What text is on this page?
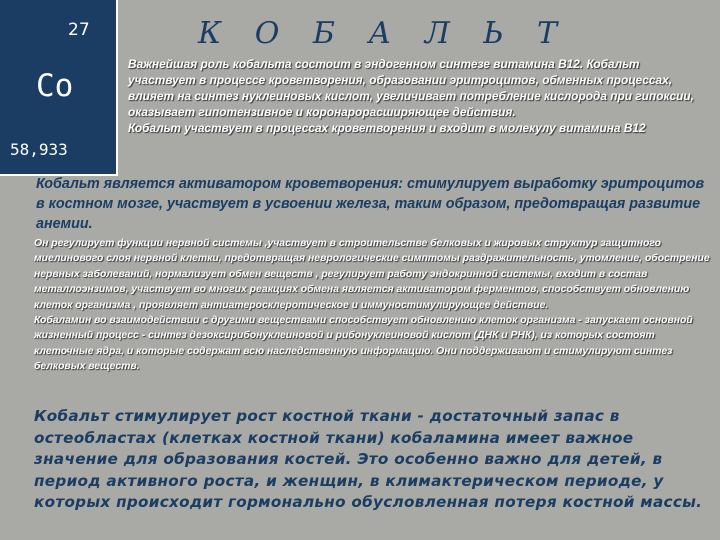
27
Co
58,933
К О Б А Л Ь Т
Важнейшая роль кобальта состоит в эндогенном синтезе витамина В12. Кобальт участвует в процессе кроветворения, образовании эритроцитов, обменных процессах, влияет на синтез нуклеиновых кислот, увеличивает потребление кислорода при гипоксии, оказывает гипотензивное и коронарорасширяющее действия.
Кобальт участвует в процессах кроветворения и входит в молекулу витамина В12
Кобальт является активатором кроветворения: стимулирует выработку эритроцитов в костном мозге, участвует в усвоении железа, таким образом, предотвращая развитие анемии.
Он регулирует функции нервной системы ,участвует в строительстве белковых и жировых структур защитного миелинового слоя нервной клетки, предотвращая неврологические симптомы раздражительность, утомление, обострение нервных заболеваний, нормализует обмен веществ , регулирует работу эндокринной системы, входит в состав металлоэнзимов, участвует во многих реакциях обмена является активатором ферментов, способствует обновлению клеток организма , проявляет антиатеросклеротическое и иммуностимулирующее действие.
Кобаламин во взаимодействии с другими веществами способствует обновлению клеток организма - запускает основной жизненный процесс - синтез дезоксирибонуклеиновой и рибонуклеиновой кислот (ДНК и РНК), из которых состоят клеточные ядра, и которые содержат всю наследственную информацию. Они поддерживают и стимулируют синтез белковых веществ.
Кобальт стимулирует рост костной ткани - достаточный запас в остеобластах (клетках костной ткани) кобаламина имеет важное значение для образования костей. Это особенно важно для детей, в период активного роста, и женщин, в климактерическом периоде, у которых происходит гормонально обусловленная потеря костной массы.
